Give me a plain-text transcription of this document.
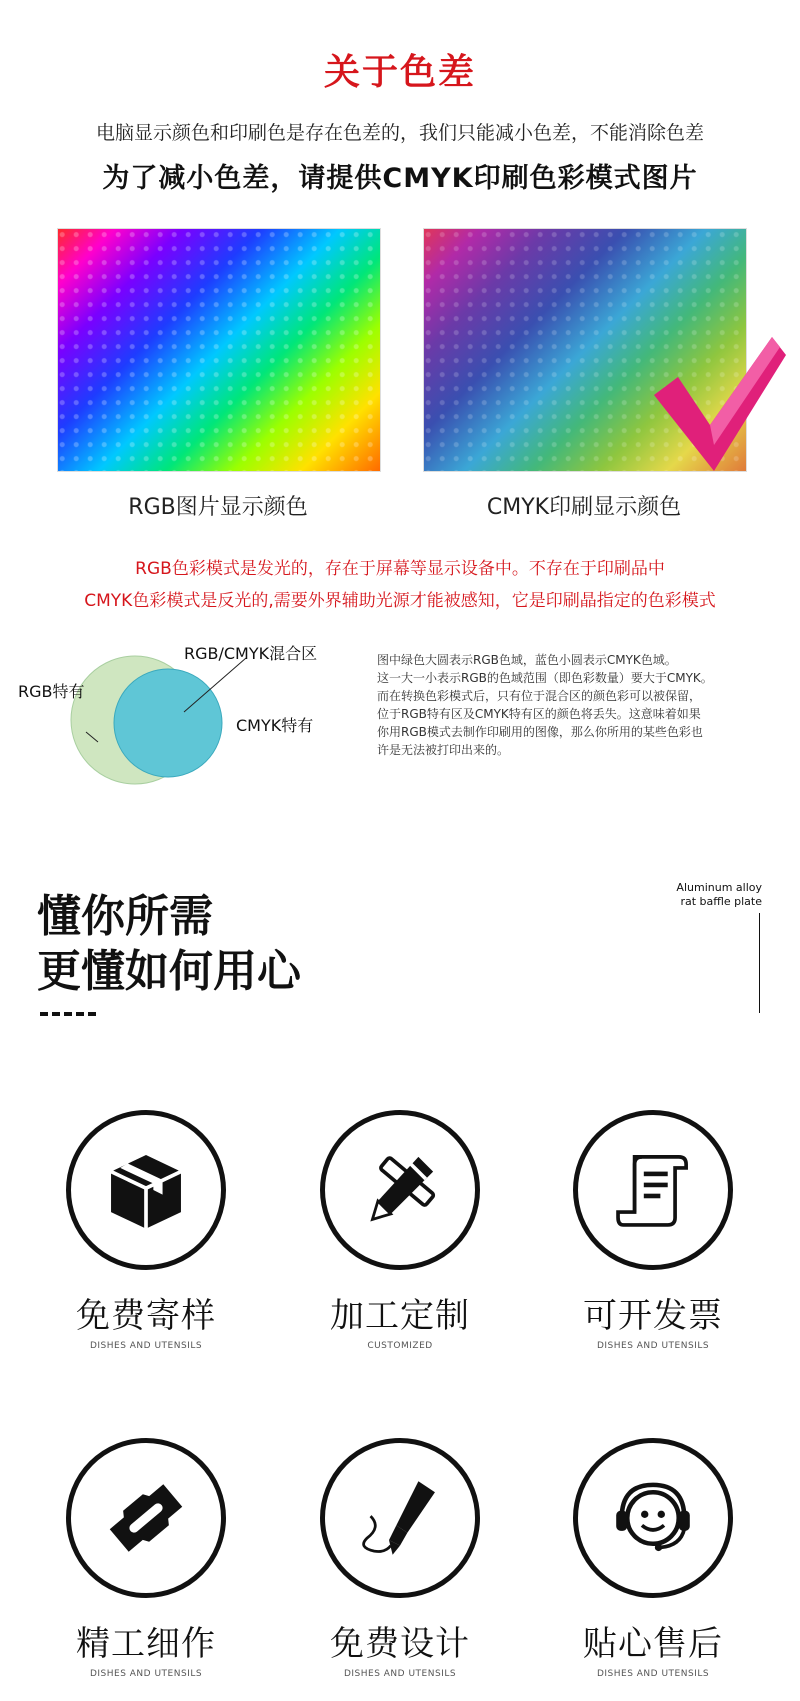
关于色差
电脑显示颜色和印刷色是存在色差的，我们只能减小色差，不能消除色差
为了减小色差，请提供CMYK印刷色彩模式图片
RGB图片显示颜色	CMYK印刷显示颜色
RGB色彩模式是发光的，存在于屏幕等显示设备中。不存在于印刷品中
CMYK色彩模式是反光的,需要外界辅助光源才能被感知，它是印刷晶指定的色彩模式
RGB/CMYK混合区
RGB特有
CMYK特有

图中绿色大圆表示RGB色域，蓝色小圆表示CMYK色域。

这一大一小表示RGB的色域范围（即色彩数量）要大于CMYK。

而在转换色彩模式后，只有位于混合区的颜色彩可以被保留，

位于RGB特有区及CMYK特有区的颜色将丢失。这意味着如果

你用RGB模式去制作印刷用的图像，那么你所用的某些色彩也

许是无法被打印出来的。

懂你所需
更懂如何用心
Aluminum alloy
rat baffle plate
免费寄样
DISHES AND UTENSILS
加工定制
CUSTOMIZED
可开发票
DISHES AND UTENSILS
精工细作
DISHES AND UTENSILS
免费设计
DISHES AND UTENSILS
贴心售后
DISHES AND UTENSILS
